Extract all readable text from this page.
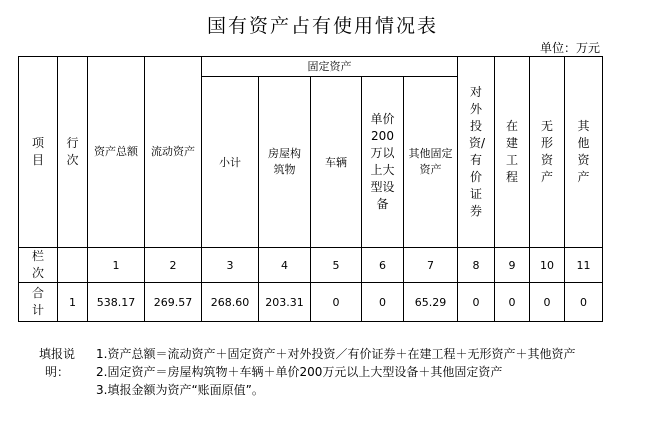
国有资产占有使用情况表
单位：万元
项目	行次	资产总额	流动资产	固定资产					对外投资/有价证券	在建工程	无形资产	其他资产
				小计	房屋构筑物	车辆	单价200万以上大型设备	其他固定资产				
栏次		1	2	3	4	5	6	7	8	9	10	11
合计	1	538.17	269.57	268.60	203.31	0	0	65.29	0	0	0	0
填报说明：

1.资产总额＝流动资产＋固定资产＋对外投资／有价证券＋在建工程＋无形资产＋其他资产

2.固定资产＝房屋构筑物＋车辆＋单价200万元以上大型设备＋其他固定资产

3.填报金额为资产“账面原值”。
